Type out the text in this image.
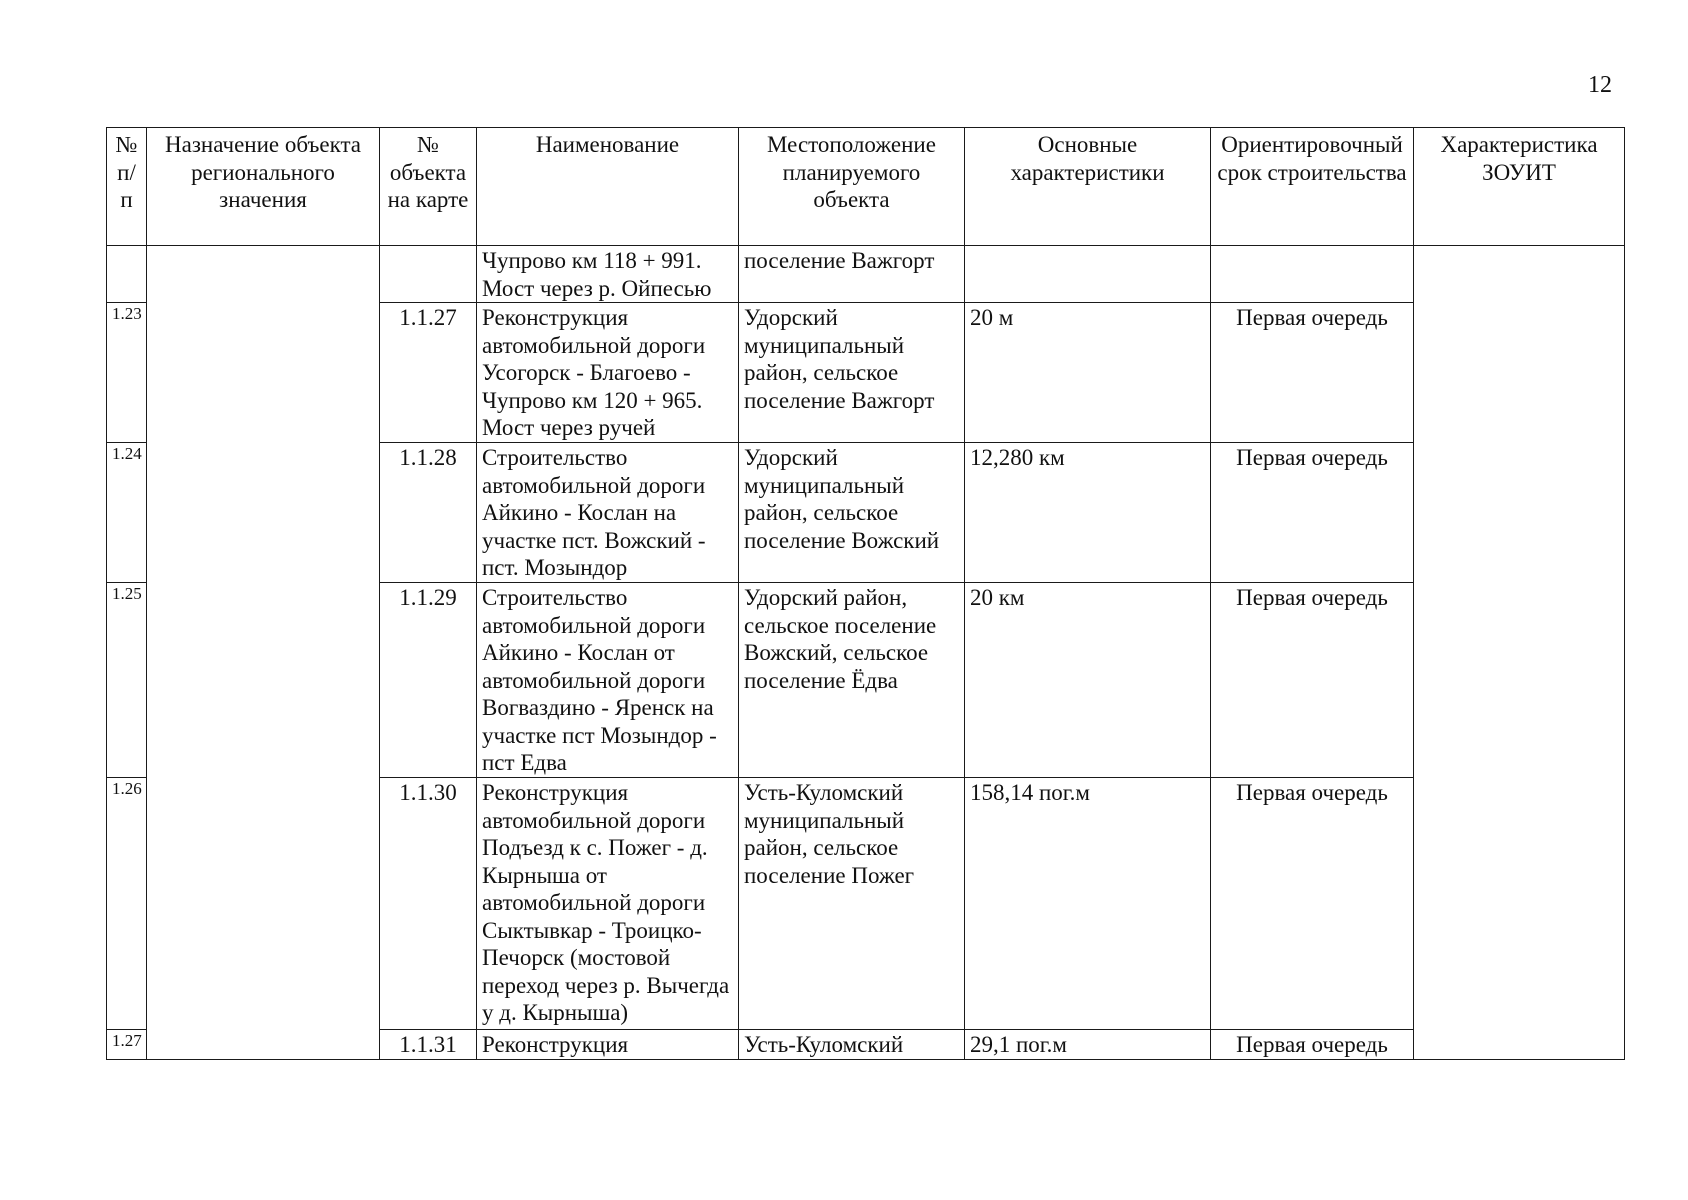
12
№ п/п	Назначение объекта регионального значения	№ объекта на карте	Наименование	Местоположение планируемого объекта	Основные характеристики	Ориентировочный срок строительства	Характеристика ЗОУИТ
			Чупрово км 118 + 991. Мост через р. Ойпесью	поселение Важгорт			
1.23		1.1.27	Реконструкция автомобильной дороги Усогорск - Благоево - Чупрово км 120 + 965. Мост через ручей	Удорский муниципальный район, сельское поселение Важгорт	20 м	Первая очередь	
1.24		1.1.28	Строительство автомобильной дороги Айкино - Кослан на участке пст. Вожский - пст. Мозындор	Удорский муниципальный район, сельское поселение Вожский	12,280 км	Первая очередь	
1.25		1.1.29	Строительство автомобильной дороги Айкино - Кослан от автомобильной дороги Вогваздино - Яренск на участке пст Мозындор - пст Едва	Удорский район, сельское поселение Вожский, сельское поселение Ёдва	20 км	Первая очередь	
1.26		1.1.30	Реконструкция автомобильной дороги Подъезд к с. Пожег - д. Кырныша от автомобильной дороги Сыктывкар - Троицко-Печорск (мостовой переход через р. Вычегда у д. Кырныша)	Усть-Куломский муниципальный район, сельское поселение Пожег	158,14 пог.м	Первая очередь	
1.27		1.1.31	Реконструкция	Усть-Куломский	29,1 пог.м	Первая очередь	
